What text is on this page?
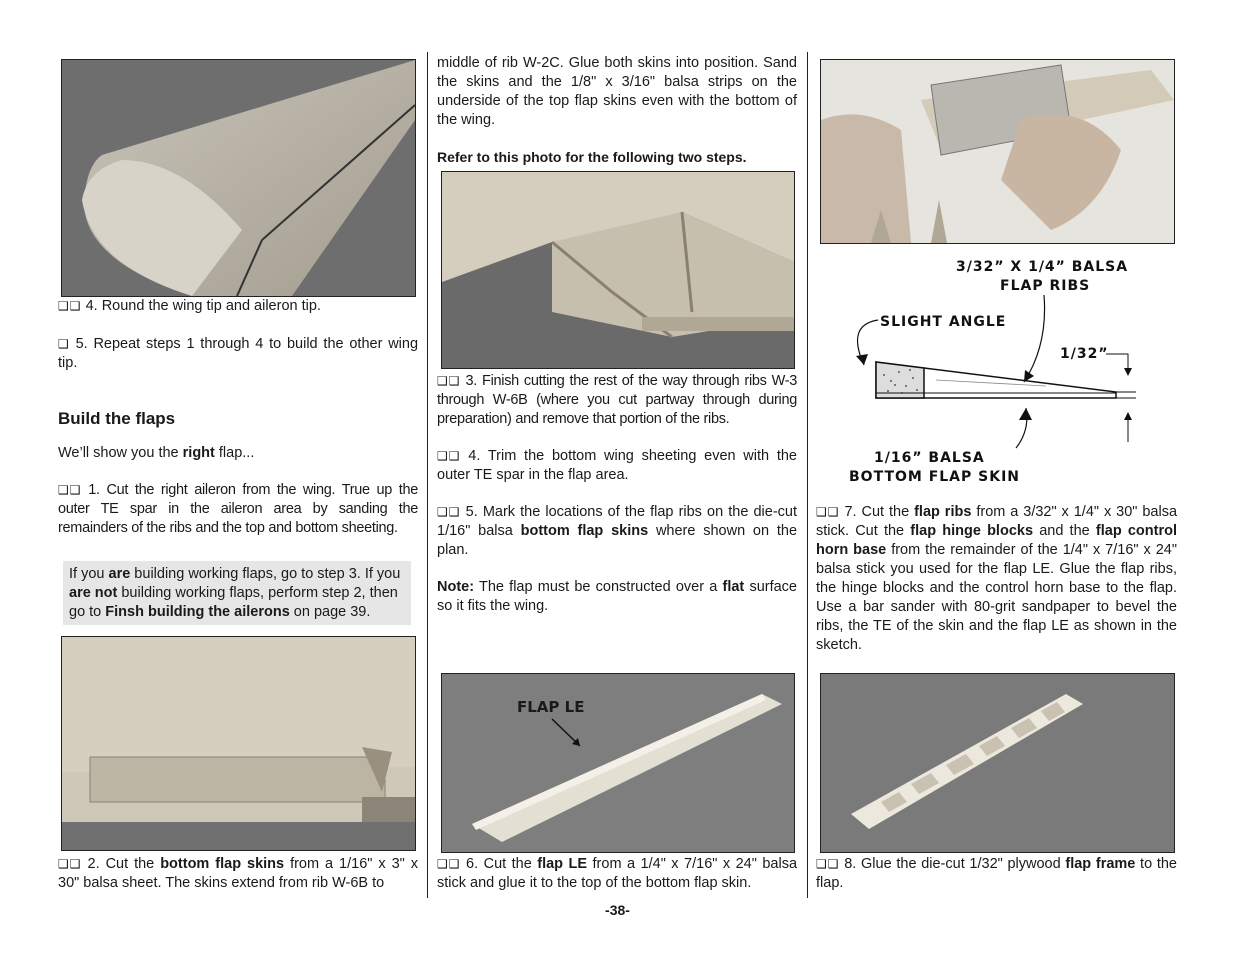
❑❑ 4. Round the wing tip and aileron tip.

❑ 5. Repeat steps 1 through 4 to build the other wing tip.

Build the flaps

We’ll show you the right flap...

❑❑ 1. Cut the right aileron from the wing. True up the outer TE spar in the aileron area by sanding the remainders of the ribs and the top and bottom sheeting.

If you are building working flaps, go to step 3. If you are not building working flaps, perform step 2, then go to Finsh building the ailerons on page 39.

❑❑ 2. Cut the bottom flap skins from a 1/16" x 3" x 30" balsa sheet. The skins extend from rib W-6B to

middle of rib W-2C. Glue both skins into position. Sand the skins and the 1/8" x 3/16" balsa strips on the underside of the top flap skins even with the bottom of the wing.

Refer to this photo for the following two steps.

❑❑ 3. Finish cutting the rest of the way through ribs W-3 through W-6B (where you cut partway through during preparation) and remove that portion of the ribs.

❑❑ 4. Trim the bottom wing sheeting even with the outer TE spar in the flap area.

❑❑ 5. Mark the locations of the flap ribs on the die-cut 1/16" balsa bottom flap skins where shown on the plan.

Note: The flap must be constructed over a flat surface so it fits the wing.

FLAP LE

❑❑ 6. Cut the flap LE from a 1/4" x 7/16" x 24" balsa stick and glue it to the top of the bottom flap skin.

3/32” X 1/4” BALSA
FLAP RIBS
SLIGHT ANGLE
1/32”
1/16” BALSA
BOTTOM FLAP SKIN

❑❑ 7. Cut the flap ribs from a 3/32" x 1/4" x 30" balsa stick. Cut the flap hinge blocks and the flap control horn base from the remainder of the 1/4" x 7/16" x 24" balsa stick you used for the flap LE. Glue the flap ribs, the hinge blocks and the control horn base to the flap. Use a bar sander with 80-grit sandpaper to bevel the ribs, the TE of the skin and the flap LE as shown in the sketch.

❑❑ 8. Glue the die-cut 1/32" plywood flap frame to the flap.

-38-
